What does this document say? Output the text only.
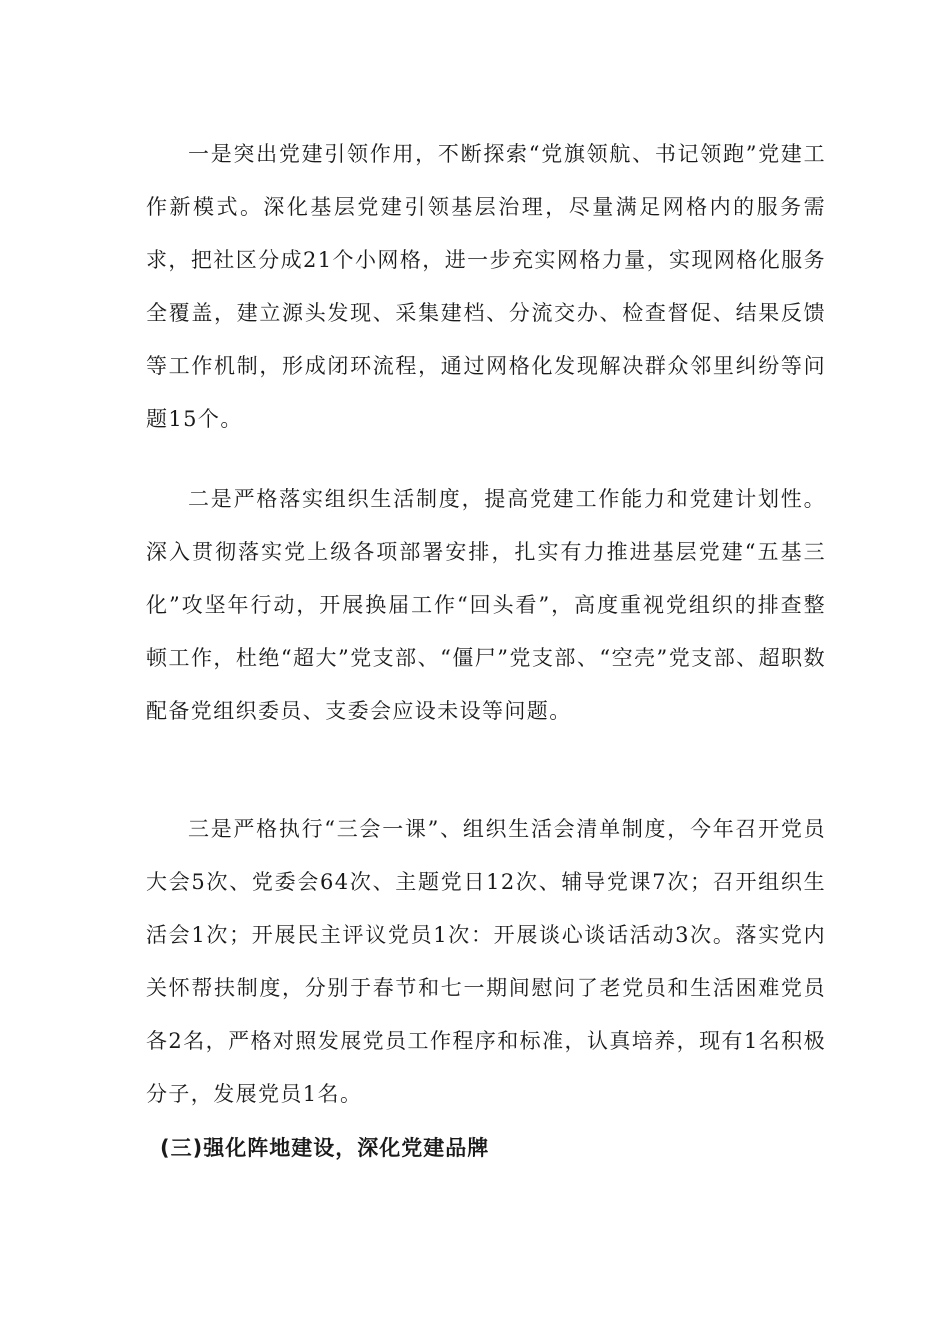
一是突出党建引领作用，不断探索“党旗领航、书记领跑”党建工作新模式。深化基层党建引领基层治理，尽量满足网格内的服务需求，把社区分成21个小网格，进一步充实网格力量，实现网格化服务全覆盖，建立源头发现、采集建档、分流交办、检查督促、结果反馈等工作机制，形成闭环流程，通过网格化发现解决群众邻里纠纷等问题15个。

二是严格落实组织生活制度，提高党建工作能力和党建计划性。深入贯彻落实党上级各项部署安排，扎实有力推进基层党建“五基三化”攻坚年行动，开展换届工作“回头看”，高度重视党组织的排查整顿工作，杜绝“超大”党支部、“僵尸”党支部、“空壳”党支部、超职数配备党组织委员、支委会应设未设等问题。

三是严格执行“三会一课”、组织生活会清单制度，今年召开党员大会5次、党委会64次、主题党日12次、辅导党课7次；召开组织生活会1次；开展民主评议党员1次：开展谈心谈话活动3次。落实党内关怀帮扶制度，分别于春节和七一期间慰问了老党员和生活困难党员各2名，严格对照发展党员工作程序和标准，认真培养，现有1名积极分子，发展党员1名。

(三)强化阵地建设，深化党建品牌
